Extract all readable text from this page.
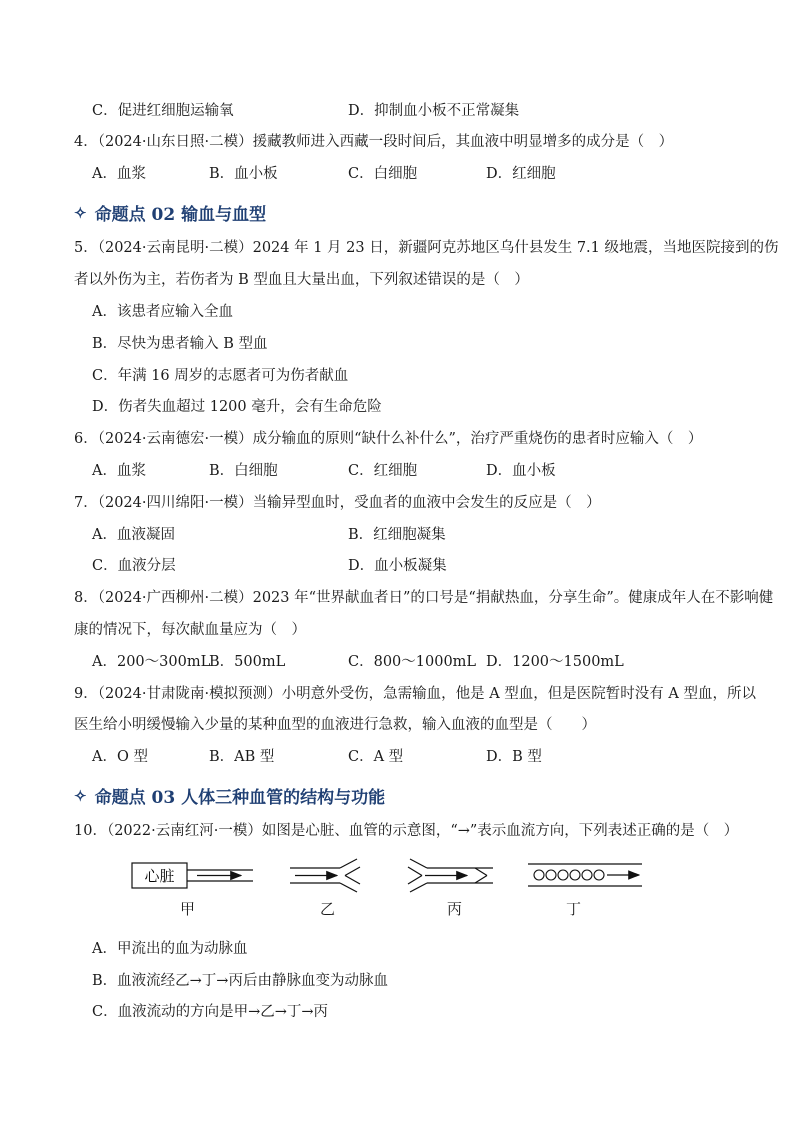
C．促进红细胞运输氧	D．抑制血小板不正常凝集
4．（2024·山东日照·二模）援藏教师进入西藏一段时间后，其血液中明显增多的成分是（　）
A．血浆	B．血小板	C．白细胞	D．红细胞
✧ 命题点 02 输血与血型
5．（2024·云南昆明·二模）2024 年 1 月 23 日，新疆阿克苏地区乌什县发生 7.1 级地震，当地医院接到的伤
者以外伤为主，若伤者为 B 型血且大量出血，下列叙述错误的是（　）
A．该患者应输入全血
B．尽快为患者输入 B 型血
C．年满 16 周岁的志愿者可为伤者献血
D．伤者失血超过 1200 毫升，会有生命危险
6．（2024·云南德宏·一模）成分输血的原则“缺什么补什么”，治疗严重烧伤的患者时应输入（　）
A．血浆	B．白细胞	C．红细胞	D．血小板
7．（2024·四川绵阳·一模）当输异型血时，受血者的血液中会发生的反应是（　）
A．血液凝固	B．红细胞凝集
C．血液分层	D．血小板凝集
8．（2024·广西柳州·二模）2023 年“世界献血者日”的口号是“捐献热血，分享生命”。健康成年人在不影响健
康的情况下，每次献血量应为（　）
A．200～300mL
B．500mL	C．800～1000mL D．1200～1500mL
9．（2024·甘肃陇南·模拟预测）小明意外受伤，急需输血，他是 A 型血，但是医院暂时没有 A 型血，所以
医生给小明缓慢输入少量的某种血型的血液进行急救，输入血液的血型是（　　）
A．O 型	B．AB 型	C．A 型	D．B 型
✧ 命题点 03 人体三种血管的结构与功能
10．（2022·云南红河·一模）如图是心脏、血管的示意图，“→”表示血流方向，下列表述正确的是（　）
心脏
甲	乙	丙	丁
A．甲流出的血为动脉血
B．血液流经乙→丁→丙后由静脉血变为动脉血
C．血液流动的方向是甲→乙→丁→丙
